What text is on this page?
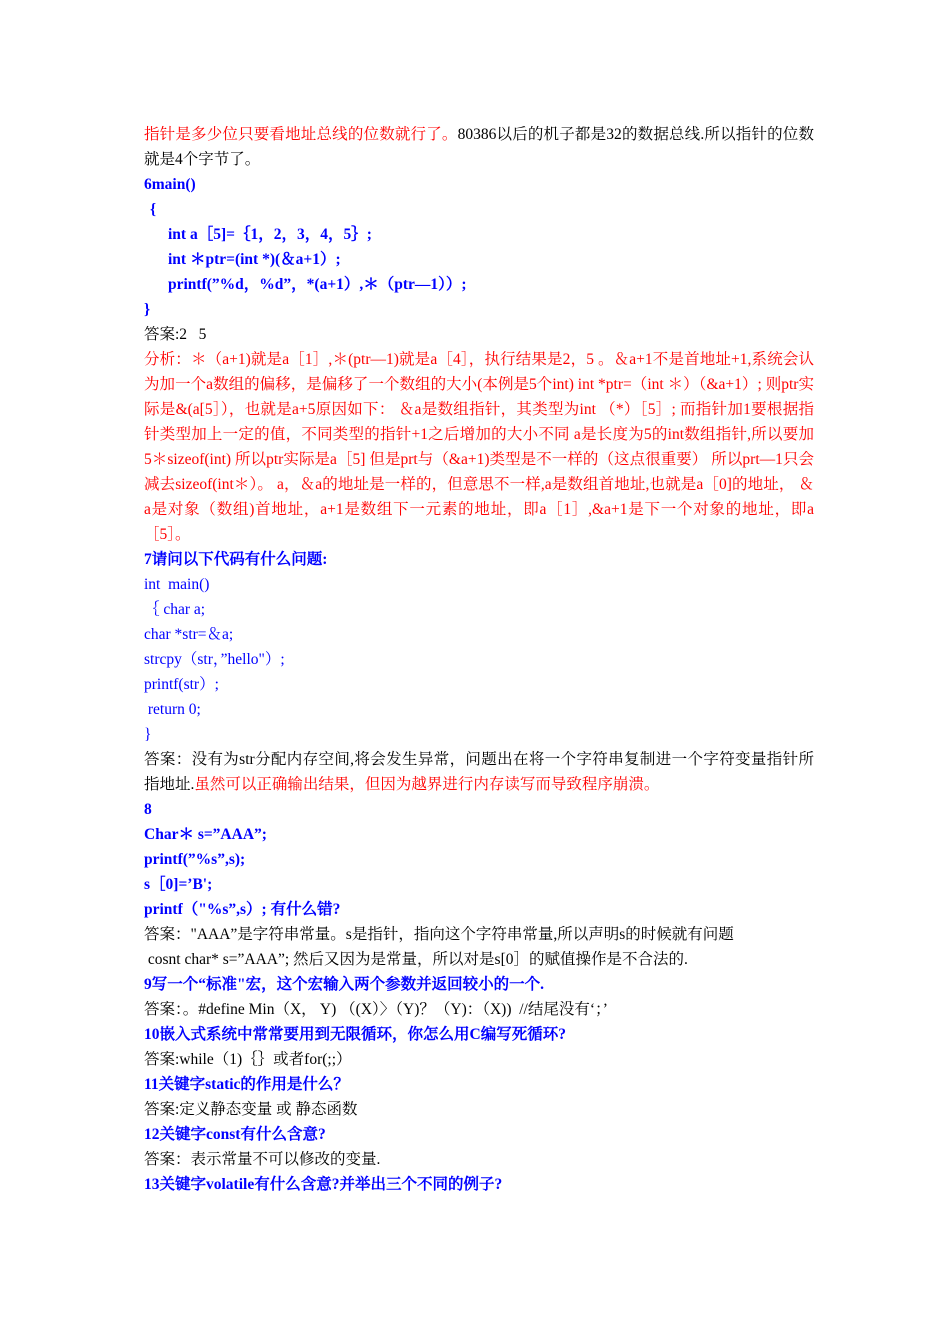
指针是多少位只要看地址总线的位数就行了。80386以后的机子都是32的数据总线.所以指针的位数就是4个字节了。
6main()
{
int a［5]=｛1，2，3，4，5｝;
int ＊ptr=(int *)(＆a+1）;
printf(”%d，%d”，*(a+1）,＊（ptr—1））;
}
答案:2   5
分析：＊（a+1)就是a［1］,＊(ptr—1)就是a［4］，执行结果是2，5 。＆a+1不是首地址+1,系统会认为加一个a数组的偏移，是偏移了一个数组的大小(本例是5个int) int *ptr=（int ＊）（&a+1）; 则ptr实际是&(a[5］），也就是a+5原因如下： ＆a是数组指针，其类型为int （*）［5］; 而指针加1要根据指针类型加上一定的值，不同类型的指针+1之后增加的大小不同 a是长度为5的int数组指针,所以要加 5＊sizeof(int) 所以ptr实际是a［5] 但是prt与（&a+1)类型是不一样的（这点很重要） 所以prt—1只会减去sizeof(int＊）。 a，＆a的地址是一样的，但意思不一样,a是数组首地址,也就是a［0]的地址， ＆a是对象（数组)首地址，a+1是数组下一元素的地址，即a［1］,&a+1是下一个对象的地址，即a［5］。
7请问以下代码有什么问题:
int  main()
｛ char a;
char *str=＆a;
strcpy（str，”hello"）;
printf(str）;
return 0;
}
答案：没有为str分配内存空间,将会发生异常，问题出在将一个字符串复制进一个字符变量指针所指地址.虽然可以正确输出结果，但因为越界进行内存读写而导致程序崩溃。
8
Char＊ s=”AAA”;
printf(”%s”,s);
s［0]=’B';
printf（"%s”,s）; 有什么错?
答案："AAA”是字符串常量。s是指针，指向这个字符串常量,所以声明s的时候就有问题
cosnt char* s=”AAA”; 然后又因为是常量，所以对是s[0］的赋值操作是不合法的.
9写一个“标准"宏，这个宏输入两个参数并返回较小的一个.
答案：。#define Min（X， Y) （(X）〉（Y)？（Y)：（X))  //结尾没有‘；’
10嵌入式系统中常常要用到无限循环，你怎么用C编写死循环?
答案:while（1)｛｝或者for(;;）
11关键字static的作用是什么？
答案:定义静态变量 或 静态函数
12关键字const有什么含意?
答案：表示常量不可以修改的变量.
13关键字volatile有什么含意?并举出三个不同的例子?
